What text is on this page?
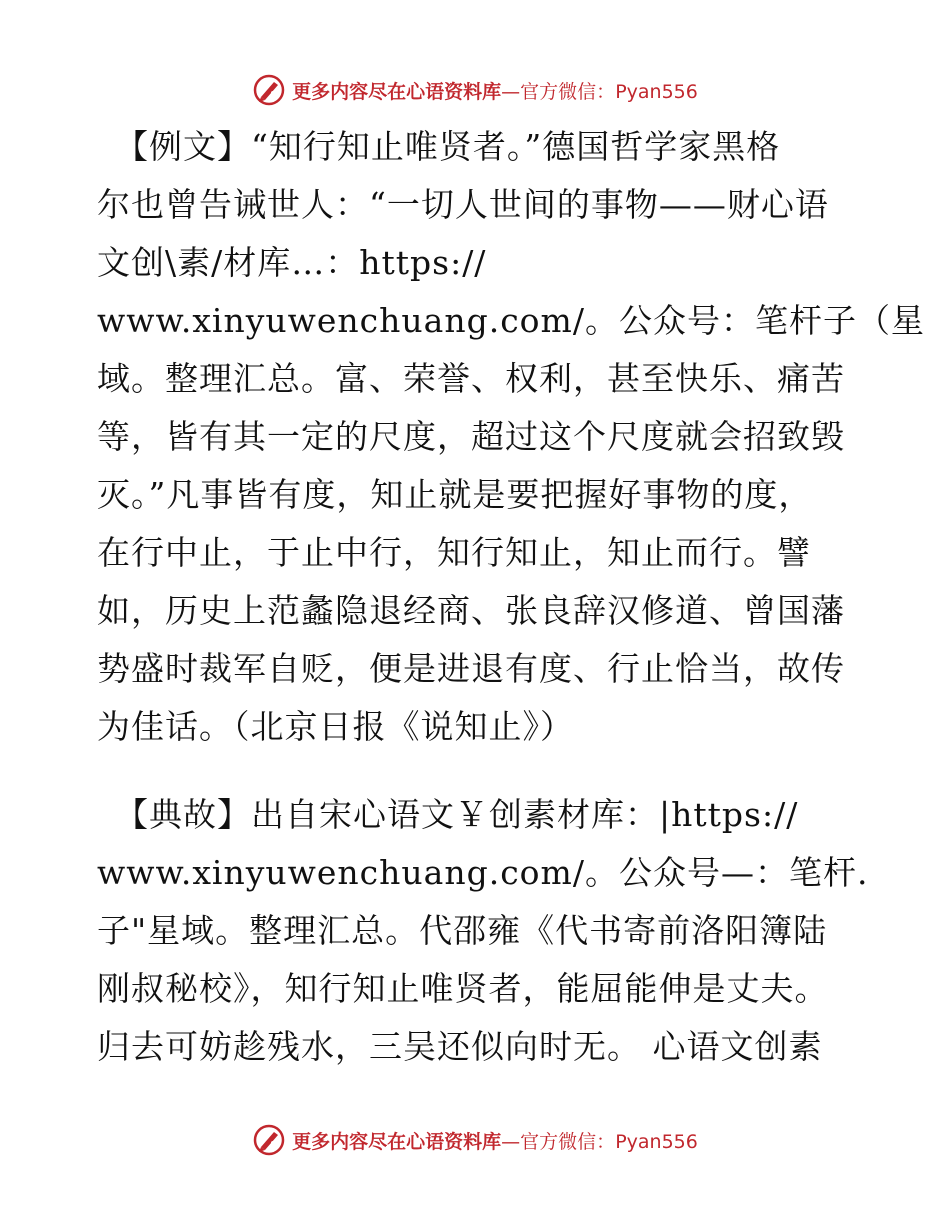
更多内容尽在心语资料库—官方微信：Pyan556

【例文】“知行知止唯贤者。”德国哲学家黑格
尔也曾告诫世人：“一切人世间的事物——财心语
文创\素/材库…：https://
www.xinyuwenchuang.com/。公众号：笔杆子（星
域。整理汇总。富、荣誉、权利，甚至快乐、痛苦
等，皆有其一定的尺度，超过这个尺度就会招致毁
灭。”凡事皆有度，知止就是要把握好事物的度，
在行中止，于止中行，知行知止，知止而行。譬
如，历史上范蠡隐退经商、张良辞汉修道、曾国藩
势盛时裁军自贬，便是进退有度、行止恰当，故传
为佳话。（北京日报《说知止》）

【典故】出自宋心语文￥创素材库：|https://
www.xinyuwenchuang.com/。公众号—：笔杆.
子"星域。整理汇总。代邵雍《代书寄前洛阳簿陆
刚叔秘校》，知行知止唯贤者，能屈能伸是丈夫。
归去可妨趁残水，三吴还似向时无。 心语文创素

更多内容尽在心语资料库—官方微信：Pyan556
